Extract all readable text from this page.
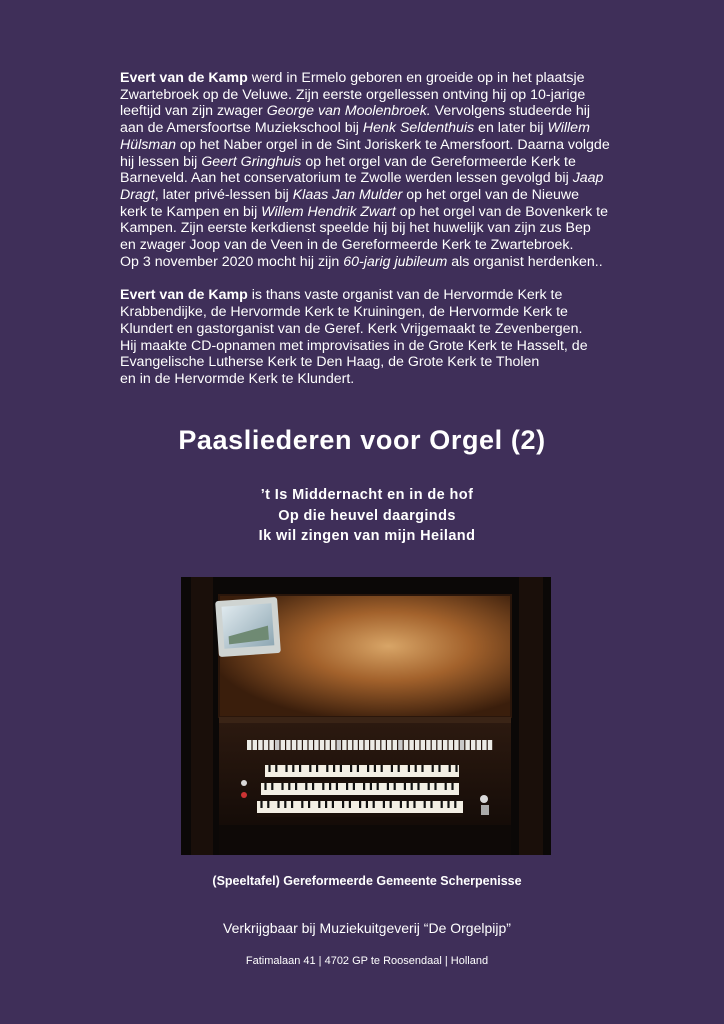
Evert van de Kamp werd in Ermelo geboren en groeide op in het plaatsje
Zwartebroek op de Veluwe. Zijn eerste orgellessen ontving hij op 10-jarige
leeftijd van zijn zwager George van Moolenbroek. Vervolgens studeerde hij
aan de Amersfoortse Muziekschool bij Henk Seldenthuis en later bij Willem
Hülsman op het Naber orgel in de Sint Joriskerk te Amersfoort. Daarna volgde
hij lessen bij Geert Gringhuis op het orgel van de Gereformeerde Kerk te
Barneveld. Aan het conservatorium te Zwolle werden lessen gevolgd bij Jaap
Dragt, later privé-lessen bij Klaas Jan Mulder op het orgel van de Nieuwe
kerk te Kampen en bij Willem Hendrik Zwart op het orgel van de Bovenkerk te
Kampen. Zijn eerste kerkdienst speelde hij bij het huwelijk van zijn zus Bep
en zwager Joop van de Veen in de Gereformeerde Kerk te Zwartebroek.
Op 3 november 2020 mocht hij zijn 60-jarig jubileum als organist herdenken..

Evert van de Kamp is thans vaste organist van de Hervormde Kerk te
Krabbendijke, de Hervormde Kerk te Kruiningen, de Hervormde Kerk te
Klundert en gastorganist van de Geref. Kerk Vrijgemaakt te Zevenbergen.
Hij maakte CD-opnamen met improvisaties in de Grote Kerk te Hasselt, de
Evangelische Lutherse Kerk te Den Haag, de Grote Kerk te Tholen
en in de Hervormde Kerk te Klundert.

Paasliederen voor Orgel (2)
’t Is Middernacht en in de hof
Op die heuvel daarginds
Ik wil zingen van mijn Heiland
(Speeltafel) Gereformeerde Gemeente Scherpenisse
Verkrijgbaar bij Muziekuitgeverij “De Orgelpijp”
Fatimalaan 41 | 4702 GP te Roosendaal | Holland
